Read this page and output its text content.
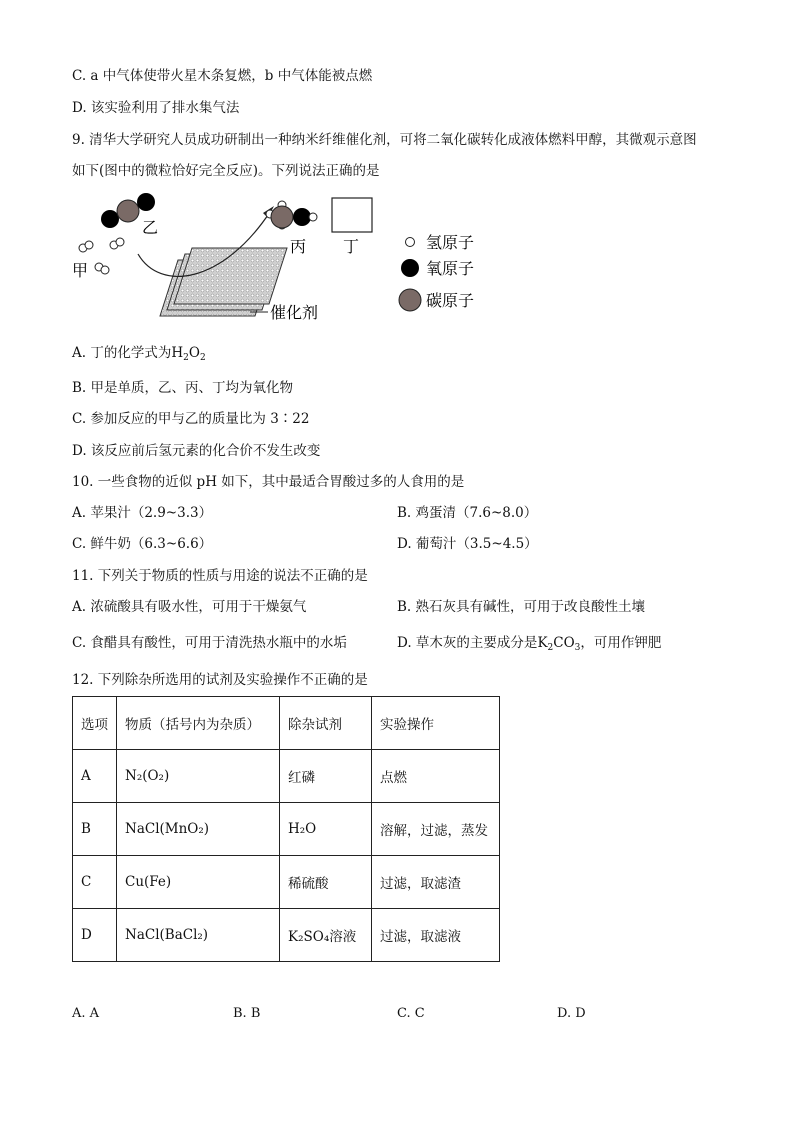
C. a 中气体使带火星木条复燃，b 中气体能被点燃
D. 该实验利用了排水集气法
9. 清华大学研究人员成功研制出一种纳米纤维催化剂，可将二氧化碳转化成液体燃料甲醇，其微观示意图
如下(图中的微粒恰好完全反应)。下列说法正确的是
催化剂
乙
甲
丙 丁	氢原子
氧原子
碳原子
A. 丁的化学式为$H_2O_2$
B. 甲是单质，乙、丙、丁均为氧化物
C. 参加反应的甲与乙的质量比为 3∶22
D. 该反应前后氢元素的化合价不发生改变
10. 一些食物的近似 pH 如下，其中最适合胃酸过多的人食用的是
A. 苹果汁（2.9~3.3）	B. 鸡蛋清（7.6~8.0）
C. 鲜牛奶（6.3~6.6）	D. 葡萄汁（3.5~4.5）
11. 下列关于物质的性质与用途的说法不正确的是
A. 浓硫酸具有吸水性，可用于干燥氨气	B. 熟石灰具有碱性，可用于改良酸性土壤
C. 食醋具有酸性，可用于清洗热水瓶中的水垢	D. 草木灰的主要成分是$K_2CO_3$，可用作钾肥
12. 下列除杂所选用的试剂及实验操作不正确的是
选项	物质（括号内为杂质）	除杂试剂	实验操作
A	N₂(O₂)	红磷	点燃
B	NaCl(MnO₂)	H₂O	溶解，过滤，蒸发
C	Cu(Fe)	稀硫酸	过滤，取滤渣
D	NaCl(BaCl₂)	K₂SO₄溶液	过滤，取滤液
A. A	B. B	C. C	D. D
